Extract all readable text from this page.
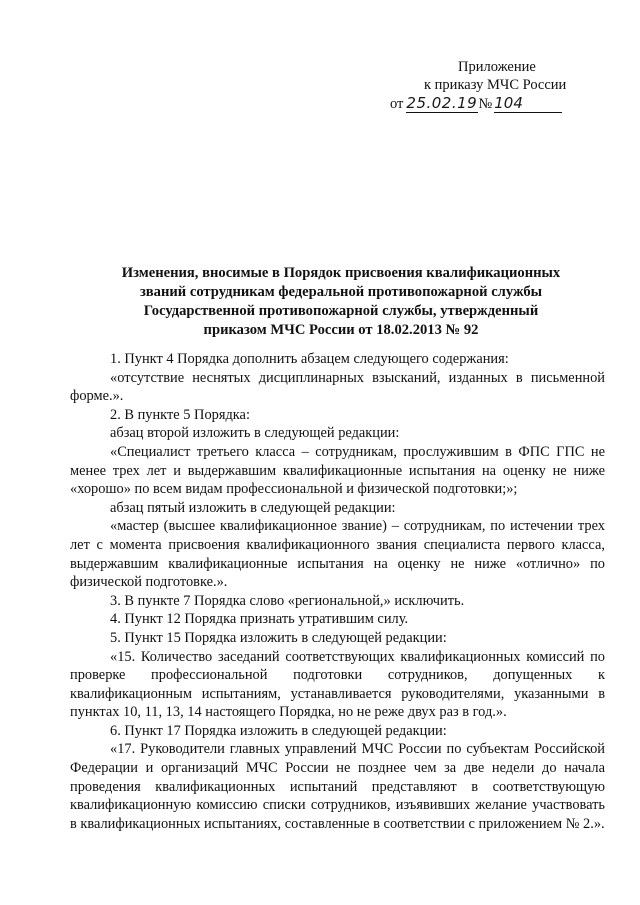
Приложение
к приказу МЧС России
от 25.02.19 № 104
Изменения, вносимые в Порядок присвоения квалификационных
званий сотрудникам федеральной противопожарной службы
Государственной противопожарной службы, утвержденный
приказом МЧС России от 18.02.2013 № 92

1. Пункт 4 Порядка дополнить абзацем следующего содержания:

«отсутствие неснятых дисциплинарных взысканий, изданных в письменной форме.».

2. В пункте 5 Порядка:

абзац второй изложить в следующей редакции:

«Специалист третьего класса – сотрудникам, прослужившим в ФПС ГПС не менее трех лет и выдержавшим квалификационные испытания на оценку не ниже «хорошо» по всем видам профессиональной и физической подготовки;»;

абзац пятый изложить в следующей редакции:

«мастер (высшее квалификационное звание) – сотрудникам, по истечении трех лет с момента присвоения квалификационного звания специалиста первого класса, выдержавшим квалификационные испытания на оценку не ниже «отлично» по физической подготовке.».

3. В пункте 7 Порядка слово «региональной,» исключить.

4. Пункт 12 Порядка признать утратившим силу.

5. Пункт 15 Порядка изложить в следующей редакции:

«15. Количество заседаний соответствующих квалификационных комиссий по проверке профессиональной подготовки сотрудников, допущенных к квалификационным испытаниям, устанавливается руководителями, указанными в пунктах 10, 11, 13, 14 настоящего Порядка, но не реже двух раз в год.».

6. Пункт 17 Порядка изложить в следующей редакции:

«17. Руководители главных управлений МЧС России по субъектам Российской Федерации и организаций МЧС России не позднее чем за две недели до начала проведения квалификационных испытаний представляют в соответствующую квалификационную комиссию списки сотрудников, изъявивших желание участвовать в квалификационных испытаниях, составленные в соответствии с приложением № 2.».
